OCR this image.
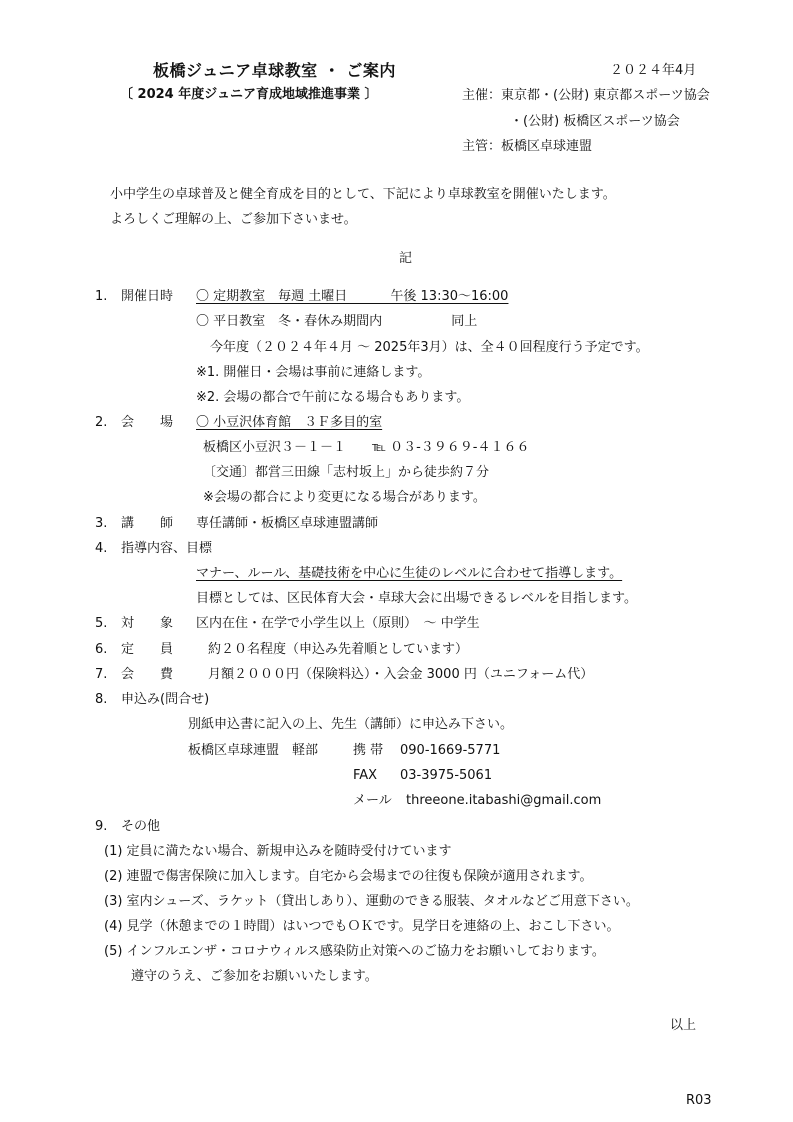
板橋ジュニア卓球教室 ・ ご案内
〔 2024 年度ジュニア育成地域推進事業 〕
２０２４年4月
主催：東京都・(公財) 東京都スポーツ協会
・(公財) 板橋区スポーツ協会
主管：板橋区卓球連盟
小中学生の卓球普及と健全育成を目的として、下記により卓球教室を開催いたします。
よろしくご理解の上、ご参加下さいませ。
記
1. 開催日時 〇 定期教室　毎週 土曜日　　　 午後 13:30～16:00
〇 平日教室　冬・春休み期間内　　　　　 同上
今年度（２０２４年４月 ～ 2025年3月）は、全４０回程度行う予定です。
※1. 開催日・会場は事前に連絡します。
※2. 会場の都合で午前になる場合もあります。
2. 会　　場 〇 小豆沢体育館　３Ｆ多目的室
板橋区小豆沢３－１－１　　℡ ０３-３９６９-４１６６
〔交通〕都営三田線「志村坂上」から徒歩約７分
※会場の都合により変更になる場合があります。
3. 講　　師 専任講師・板橋区卓球連盟講師
4. 指導内容、目標
マナー、ルール、基礎技術を中心に生徒のレベルに合わせて指導します。
目標としては、区民体育大会・卓球大会に出場できるレベルを目指します。
5. 対　　象 区内在住・在学で小学生以上（原則）　～ 中学生
6. 定　　員	約２０名程度（申込み先着順としています）
7. 会　　費	月額２０００円（保険料込）・入会金 3000 円（ユニフォーム代）
8. 申込み(問合せ)
別紙申込書に記入の上、先生（講師）に申込み下さい。
板橋区卓球連盟　軽部	携 帯 090-1669-5771
FAX 03-3975-5061
メール threeone.itabashi@gmail.com
9. その他
(1) 定員に満たない場合、新規申込みを随時受付けています
(2) 連盟で傷害保険に加入します。自宅から会場までの往復も保険が適用されます。
(3) 室内シューズ、ラケット（貸出しあり）、運動のできる服装、タオルなどご用意下さい。
(4) 見学（休憩までの１時間）はいつでもＯＫです。見学日を連絡の上、おこし下さい。
(5) インフルエンザ・コロナウィルス感染防止対策へのご協力をお願いしております。
遵守のうえ、ご参加をお願いいたします。
以上
R03
